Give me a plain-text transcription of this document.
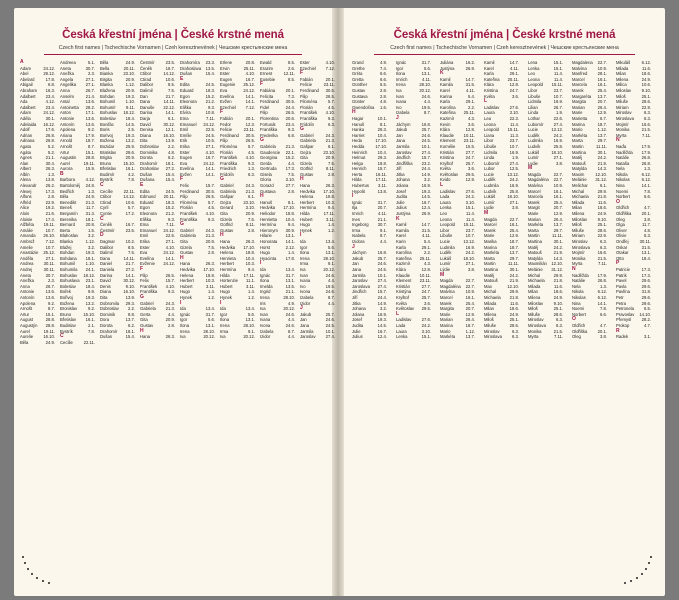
Česká křestní jména | České krstné mená
Czech first names | Tschechische Vornamen | Czeh keresztnevének | Чешские крестьянские мена
A
Adam	24.12.
Abel	29.12.
Abelard	17.8.
Abigail	6.8.
Abraham 16.3.
Adalbert 23.4.
Ada	4.12.
Adalbert 23.4.
Adam	24.12.
Adéla	30.1.
Adelaida 16.12.
Adolf	17.6.
Adrian	26.8.
Adriana	26.8.
Agata	5.2.
Agáta	5.2.
Agnes	21.1.
Alan	30.4.
Albert	26.3.
Albín	1.3.
Alena	13.8.
Alexandr 26.2.
Alexej	17.3.
Alfons	2.8.
Alfréd	22.9.
Alice	19.2.
Alois	21.6.
Aloisie	17.4.
Alžběta 19.11.
Amálie	10.7.
Amanda 26.10.
Ambrož	7.12.
Amelie	10.7.
Anastázie 25.12.
Anděla	27.1.
Andrea 30.11.
Andrej	30.11.
Aneta	30.7.
Anežka	2.3.
Anna	26.7.
Antonie	13.6.
Antonín	13.6.
Apolena	9.2.
Arnošt	8.7.
Artur	15.1.
August	28.8.
Augustýn 28.8.
Aurel	19.11.
Aurelie 16.10.
Běla	24.9.
Andreea	5.1.
Aneta	30.7.
Anežka	2.3.
Angela	27.1.
Angelika 27.1.
Anna	26.7.
Anselm	21.4.
Antal	13.6.
Antoinetta 28.2.
Anton	17.1.
Antonie	13.6.
Antonín	13.6.
Apolena	9.2.
Ariana	17.9.
Arnold	18.7.
Arnošt	8.7.
Artur	15.1.
Augustin 28.8.
Aurel	19.11.
Aurora	15.9.
B
Barbora	4.12.
Bartoloměj 24.8.
Bedřich	1.3.
Běla	24.9.
Benedikt 21.3.
Beneš	11.7.
Benjamín 31.3.
Berenika 18.1.
Bernard	20.8.
Berta	1.5.
Blahoslav 3.2.
Blanka	1.12.
Blažej	3.2.
Bohdan	19.3.
Bohdana 18.1.
Bohumil	1.10.
Bohumila 24.1.
Bohuslav 18.12.
Bohuslava 23.1.
Boleslav 18.4.
Bořek	9.9.
Bořivoj	19.3.
Božena	13.2.
Bronislav	9.2.
Bruno	15.10.
Břetislav 16.1.
Budislav	2.1.
Bystrík	7.8.
C
Cecílie	22.11.
Běla	24.9.
Bella	20.11.
Bianka	23.10.
Birgita	20.9.
Blanka	1.12.
Blažena	20.9.
Bohdan	19.3.
Bohumil	1.10.
Bohumír 9.11.
Bohuslav 18.12.
Boleslav 18.4.
Bonifác	14.5.
Boris	2.5.
Borivoj	19.3.
Božena	13.2.
Bozidar	25.9.
Bratislav 29.6.
Brigita	20.9.
Bruno	15.10.
Břetislav 16.1.
Budimír	4.2.
Bystrík	7.8.
C
Cecílie	22.11.
Ctibor	14.12.
Ctirad	10.6.
Cyril	5.7.
Cyntie	17.2.
Č
Čeněk	16.7.
Čestmír	23.5.
D
Dagmar	10.2.
Dalibor	8.5.
Dalimil	7.5.
Dana	14.11.
Daniel	21.7.
Daniela	27.2.
Darina	14.1.
David	30.12.
Denis	9.10.
Diana	16.10.
Dita	13.9.
Dobromila 29.3.
Dobroslav 2.2.
Dominik	8.8.
Dora	13.7.
Dorota	6.2.
Drahomír 18.1.
Dušan	15.4.
Čestmír	23.5.
Čeněk	16.7.
Ctibor	14.12.
Ctirad	10.6.
Dalibor	8.5.
Dalimil	7.5.
Dan	21.7.
Dana	14.11.
Danuše 22.12.
Darina	14.1.
Darja	6.1.
David	30.12.
Denisa	12.1.
Diana	16.10.
Dita	13.9.
Dobroslav 2.2.
Dominika	4.8.
Dorota	6.2.
Drahomír 18.1.
Drahoslav 27.2.
Dušan	15.4.
Dušana	15.4.
E
Edita	24.5.
Edmund 20.11.
Eduard	18.3.
Egon	15.2.
Eleonora 21.2.
Eliška	9.3.
Ema	7.11.
Emanuel 24.12.
Emil	22.5.
Erika	27.1.
Ester	4.10.
Eva	24.12.
Evelína	14.1.
Evženie 24.12.
F
Filip	26.5.
Felix	15.7.
František 4.10.
Františka	9.3.
G
Gabriel	24.3.
Gabriela 21.3.
Gerta	4.4.
Gita	20.9.
Gustav	2.8.
H
Hana	26.3.
Drahomíra 23.3.
Drahoslava 13.5.
Dušan	15.4.
E
Edita	24.5.
Eduard	18.3.
Egon	15.2.
Eleonora 21.2.
Eliška	9.3.
Elvíra	10.8.
Ema	7.11.
Emanuel 24.12.
Emil	22.5.
Emílie	24.5.
Erik	10.5.
Erika	27.1.
Ester	4.10.
Eugen	16.7.
Eva	24.12.
Evelína	14.1.
Evžen	14.1.
F
Felix	15.7.
Ferdinand 30.5.
Filip	26.5.
Filoména	5.7.
Florián	4.5.
František 4.10.
Františka	9.3.
G
Gabriel	24.3.
Gabriela 21.3.
Gita	20.9.
Gizela	7.5.
Gustav	2.8.
H
Hana	26.3.
Hedvika 17.10.
Helena	18.8.
Herbert	10.3.
Hubert	3.11.
Hugo	1.4.
Hynek	1.2.
I
Ida	13.4.
Ignác	31.7.
Igor	5.6.
Ilona	13.1.
Irena	28.10.
Iva	20.12.
Erlene	20.8.
Ervin	25.11.
Ester	4.10.
Eugen	16.7.
Eugenie 25.12.
Eva	24.12.
Evelína	14.1.
Evžen	14.1.
Ezechiel 7.12.
F
Fabián	20.1.
Fedor	12.3.
Felicie	23.11.
Ferdinand 30.5.
Filip	26.5.
Filoména	5.7.
Florián	4.5.
František 4.10.
Františka	9.3.
Friedrich	1.3.
Fridolín	6.3.
G
Gabriel	24.3.
Gabriela 21.3.
Gašpar	6.1.
Gejza	23.10.
Gerard	3.10.
Gita	20.9.
Gizela	7.5.
Gotfrid	8.11.
Gustav	2.8.
H
Hana	26.3.
Hedvika 17.10.
Helena	18.8.
Henrieta 10.4.
Herbert	10.3.
Hermína	9.4.
Hilda	17.11.
Hortenzie 11.1.
Hubert	3.11.
Hugo	1.4.
Hynek	1.2.
I
Ida	13.4.
Igor	5.6.
Ilona	13.1.
Irena	28.10.
Irma	9.1.
Iva	20.12.
Ewald	8.5.
Erazim	2.6.
Ernest	12.11.
Eusebie	8.5.
F
Fabiána	20.1.
Felicita	7.3.
Ferdinand 30.5.
Fidel	24.4.
Filip	26.5.
Florentina 20.6.
Fortunát 23.4.
Františka	9.3.
Frederika 6.8.
G
Gabriela 21.3.
Gaudencie 22.1.
Georgina 15.2.
Gerda	4.4.
Gertruda 17.3.
Gisela	7.5.
Gloria	3.10.
Gorazd	27.7.
Gustava	2.8.
H
Hanuš	8.1.
Hedvika 17.10.
Heliodor 18.8.
Henrietta 10.4.
Hermína	9.4.
Hieronym 30.9.
Hilarie	13.1.
Honorata 14.1.
Horst	2.12.
Hugo	1.4.
Hyacinta 17.8.
I
Ida	13.4.
Ignác	31.7.
Ilona	13.1.
Imelda	13.5.
Ingrid	21.1.
Irena	28.10.
Iris	4.9.
Iva	20.12.
Ivan	24.6.
Ivana	4.4.
Ivona	24.6.
Izabela	8.7.
Izidor	4.4.
Ester	4.10.
Ezechiel 7.12.
F
Fabián	20.1.
Felicie	23.11.
Ferdinand 30.5.
Filip	26.5.
Filoména	5.7.
Florián	4.5.
František 4.10.
Františka	9.3.
Fridolín	6.3.
G
Gabriel	24.3.
Gabriela 21.3.
Gašpar	6.1.
Gejza	23.10.
Gita	20.9.
Gizela	7.5.
Gotfrid	8.11.
Gustav	2.8.
H
Hana	26.3.
Hedvika 17.10.
Helena	18.8.
Herbert	10.3.
Hermína	9.4.
Hilda	17.11.
Hubert	3.11.
Hugo	1.4.
Hynek	1.2.
I
Ida	13.4.
Igor	5.6.
Ilona	13.1.
Irena	28.10.
Irma	9.1.
Iva	20.12.
Ivan	24.6.
Ivana	4.4.
Ivo	19.5.
Ivona	24.6.
Izabela	8.7.
Izidor	4.4.
J
Jakub	25.7.
Jan	24.6.
Jana	24.5.
Jarmila	10.1.
Jaroslav 27.4.
Česká křestní jména | České krstné mená
Czech first names | Tschechische Vornamen | Czeh keresztnevének | Чешские крестьянские мена
Grand	4.9.
Grethe	7.4.
Gréta	6.6.
Gretta	6.6.
Günther	5.5.
Gustav	2.8.
Gustava	2.8.
Günter	4.8.
Gwendolína 1.6.
H
Hagar	10.1.
Hanuš	8.1.
Hanka	26.3.
Harriet	10.4.
Heda	17.10.
Hedda	17.10.
Heinrich 10.4.
Helmut	29.3.
Helga	18.8.
Henrich	15.7.
Herta	16.11.
Hilda	17.11.
Hubertus 3.11.
Hypolit	13.8.
I
Ignác	31.7.
Ilja	20.7.
Imrich	4.11.
Ines	21.1.
Ingeborg 30.7.
Irma	9.1.
Isabela	8.7.
Izidora	4.4.
J
Jáchym	16.8.
Jakub	25.7.
Jan	24.6.
Jana	24.5.
Jarmila	10.1.
Jaroslav 27.4.
Jaroslava 27.4.
Jindřich	15.7.
Jiří	24.4.
Jitka	14.9.
Johana	3.2.
Jolana	16.9.
Josef	19.3.
Judita	14.5.
Julie	16.7.
Julius	12.4.
Ignác	31.7.
Igor	5.6.
Ilona	13.1.
Imrich	4.11.
Irena	28.10.
Iva	20.12.
Ivan	24.6.
Ivana	4.4.
Ivo	19.5.
Izabela	8.7.
J
Jáchym	16.8.
Jakub	25.7.
Jan	24.6.
Jana	24.5.
Jarmila	10.1.
Jaroslav 27.4.
Jindřich	15.7.
Jindřiška 23.2.
Jiří	24.4.
Jitka	14.9.
Johana	3.2.
Jolana	16.9.
Josef	19.3.
Judita	14.5.
Julie	16.7.
Julius	12.4.
Justýna	26.9.
K
Kamil	14.7.
Kamila	31.5.
Karel	4.11.
Karin	5.4.
Karla	29.1.
Karolína	2.2.
Kateřina 25.11.
Kazimír	4.3.
Klára	12.8.
Klaudie 10.11.
Klement 23.11.
Kristián	27.7.
Kristýna	24.7.
Kryštof	25.7.
Květa	3.6.
Květoslav 29.5.
L
Ladislav 27.6.
Lada	24.2.
Laura	3.10.
Lenka	15.1.
Juliána	16.2.
Justýna	26.9.
K
Kamil	14.7.
Kamila	31.5.
Karel	4.11.
Karina	5.4.
Karla	29.1.
Karolína	2.2.
Kateřina 25.11.
Kazimír	4.3.
Kevin	3.6.
Klára	12.8.
Klaudie 10.11.
Klement 23.11.
Kornélie 15.5.
Kristián	27.7.
Kristina	24.7.
Kryštof	25.7.
Květa	3.6.
Květoslav 29.5.
Kvido	12.9.
L
Ladislav 27.6.
Lada	24.2.
Laura	3.10.
Lenka	15.1.
Leo	11.4.
Leona	11.4.
Leopold 15.11.
Libor	23.7.
Libuše	10.7.
Lucie	13.12.
Ludmila	16.9.
Luděk	24.2.
Lukáš	18.10.
Lumír	27.1.
Lýdie	3.8.
M
Magda	22.7.
Magdaléna 22.7.
Malvína	10.9.
Marcel	16.1.
Marek	25.4.
Margita	20.7.
Marie	12.9.
Marian	26.4.
Marina	18.7.
Mario	1.12.
Markéta	13.7.
Kamil	14.7.
Karel	4.11.
Karla	29.1.
Kateřina 25.11.
Klára	12.8.
Kristina	24.7.
Květa	3.6.
L
Ladislav 27.6.
Laura	3.10.
Lea	22.3.
Leona	11.4.
Leopold 15.11.
Liana	11.3.
Libor	23.7.
Libuše	10.7.
Lidmila	16.9.
Linda	1.9.
Lubomír 27.4.
Lubor	12.5.
Lucie	13.12.
Luděk	24.2.
Ludmila	16.9.
Ludvík	25.8.
Lukáš	18.10.
Lumír	27.1.
Lydie	3.8.
M
Magda	22.7.
Marcel	16.1.
Marek	25.4.
Marie	12.9.
Marika	18.7.
Marina	18.7.
Markéta	13.7.
Marta	29.7.
Martin	11.11.
Martina	30.1.
Matěj	24.2.
Matouš	21.9.
Max	12.10.
Michal	29.9.
Michaela 21.8.
Milada	11.6.
Milan	18.6.
Milena	24.9.
Miloš	25.1.
Miluše	28.6.
Miroslav	6.3.
Miroslava 6.3.
Lena	15.1.
Lenka	15.1.
Leo	11.4.
Leona	11.4.
Leopold 15.11.
Libor	23.7.
Libuše	10.7.
Lidmila	16.9.
Lilian	26.7.
Linda	1.9.
Lothar	22.6.
Lubomír 27.4.
Lucie	13.12.
Luděk	24.2.
Ludmila	16.9.
Ludvík	25.8.
Lukáš	18.10.
Lumír	27.1.
Lydie	3.8.
M
Magda	22.7.
Magdaléna 22.7.
Malvína	10.9.
Marcel	16.1.
Marcela	16.1.
Marek	25.4.
Margit	20.7.
Marie	12.9.
Marian	26.4.
Markéta	13.7.
Marta	29.7.
Martin	11.11.
Martina	30.1.
Matěj	24.2.
Matouš	21.9.
Matylda	14.3.
Maxmilián 12.10.
Melánie 31.12.
Michal	29.9.
Michaela 21.8.
Milada	11.6.
Milan	18.6.
Milena	24.9.
Miloslav	9.10.
Miloš	25.1.
Miluše	28.6.
Miroslav	6.3.
Miroslava 6.3.
Monika	21.5.
Myrta	7.11.
Magdalena 22.7.
Malvína	10.9.
Manfred 28.1.
Marcel	16.1.
Marcela	16.1.
Marek	25.4.
Margaréta 13.7.
Margita	20.7.
Marian	26.4.
Marie	12.9.
Marietta	6.7.
Marina	18.7.
Mario	1.12.
Markéta	13.7.
Marta	29.7.
Martin	11.11.
Martina	30.1.
Matěj	24.2.
Matouš	21.9.
Matylda	14.3.
Maxim	12.10.
Melánie 31.12.
Melichar	6.1.
Michal	29.9.
Michaela 21.8.
Milada	11.6.
Milan	18.6.
Milena	24.9.
Miloslav	9.10.
Miloš	25.1.
Miluše	28.6.
Miriam	22.9.
Miroslav	6.3.
Miroslava 6.3.
Mojmír	16.6.
Monika	21.5.
Myrta	7.11.
N
Naděžda 17.9.
Natálie	26.8.
Nela	1.3.
Nikola	6.12.
Nikolas	6.12.
Nina	14.1.
Noemi	7.8.
Norbert	6.6.
O
Oldřich	4.7.
Oldřiška 20.1.
Oleg	3.8.
Mikuláš	6.12.
Milada	11.6.
Milan	18.6.
Milena	24.9.
Milica	10.6.
Miloslav	9.10.
Miloš	25.1.
Miluše	28.6.
Miriam	22.9.
Miroslav	6.3.
Miroslava 6.3.
Mojmír	16.6.
Monika	21.5.
Myrta	7.11.
N
Naďa	17.9.
Naděžda 17.9.
Natálie	26.8.
Nataša	26.8.
Nela	1.3.
Nikola	6.12.
Nikolas	6.12.
Nina	14.1.
Noemi	7.8.
Norbert	6.6.
O
Oldřich	4.7.
Oldřiška 20.1.
Oleg	3.8.
Olga	11.7.
Oliver	4.8.
Olivie	5.3.
Ondřej	30.11.
Oskar	31.5.
Otakar	13.1.
Otto	18.4.
P
Patricie	17.3.
Patrik	17.3.
Pavel	29.6.
Pavla	29.6.
Pavlína	31.8.
Petr	29.6.
Petra	29.6.
Petronela 6.5.
Pravoslav 14.10.
Přemysl	28.2.
Prokop	4.7.
R
Radek	3.1.
